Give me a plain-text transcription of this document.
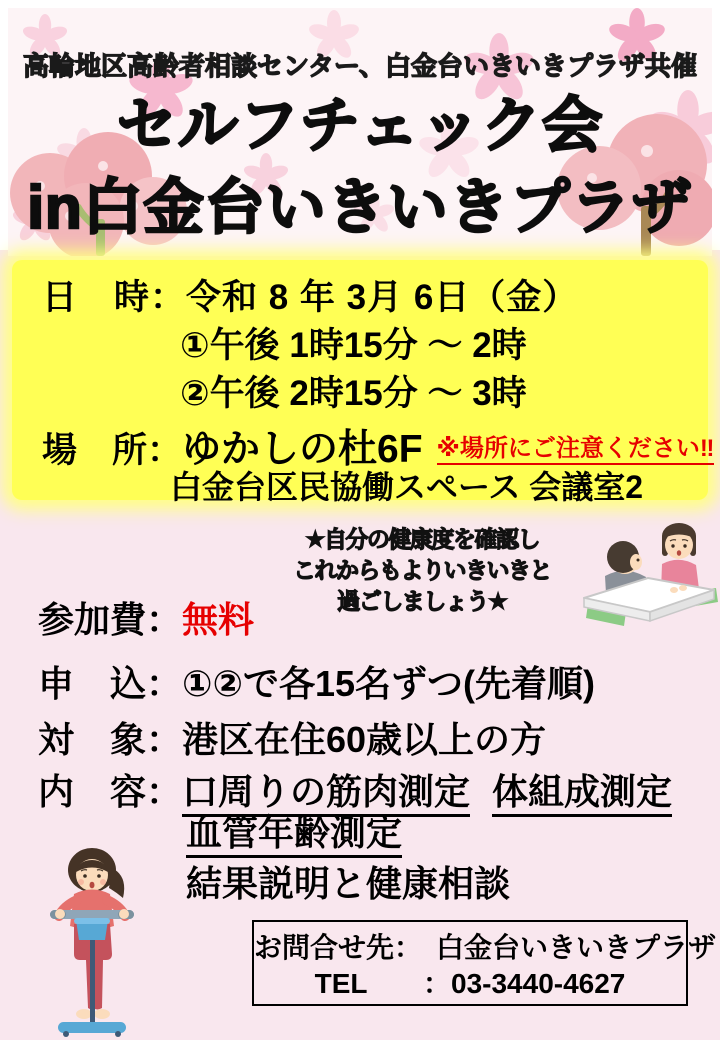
高輪地区高齢者相談センター、白金台いきいきプラザ共催
セルフチェック会
in白金台いきいきプラザ
日　時：令和 8 年 3月 6日（金）
①午後 1時15分 ～ 2時
②午後 2時15分 ～ 3時
場　所：ゆかしの杜6F ※場所にご注意ください‼
白金台区民協働スペース 会議室2
★自分の健康度を確認し
これからもよりいきいきと
過ごしましょう★
参加費：無料
申　込：①②で各15名ずつ(先着順)
対　象：港区在住60歳以上の方
内　容：口周りの筋肉測定 体組成測定
血管年齢測定
結果説明と健康相談
お問合せ先：　白金台いきいきプラザ
TEL　　：03-3440-4627
